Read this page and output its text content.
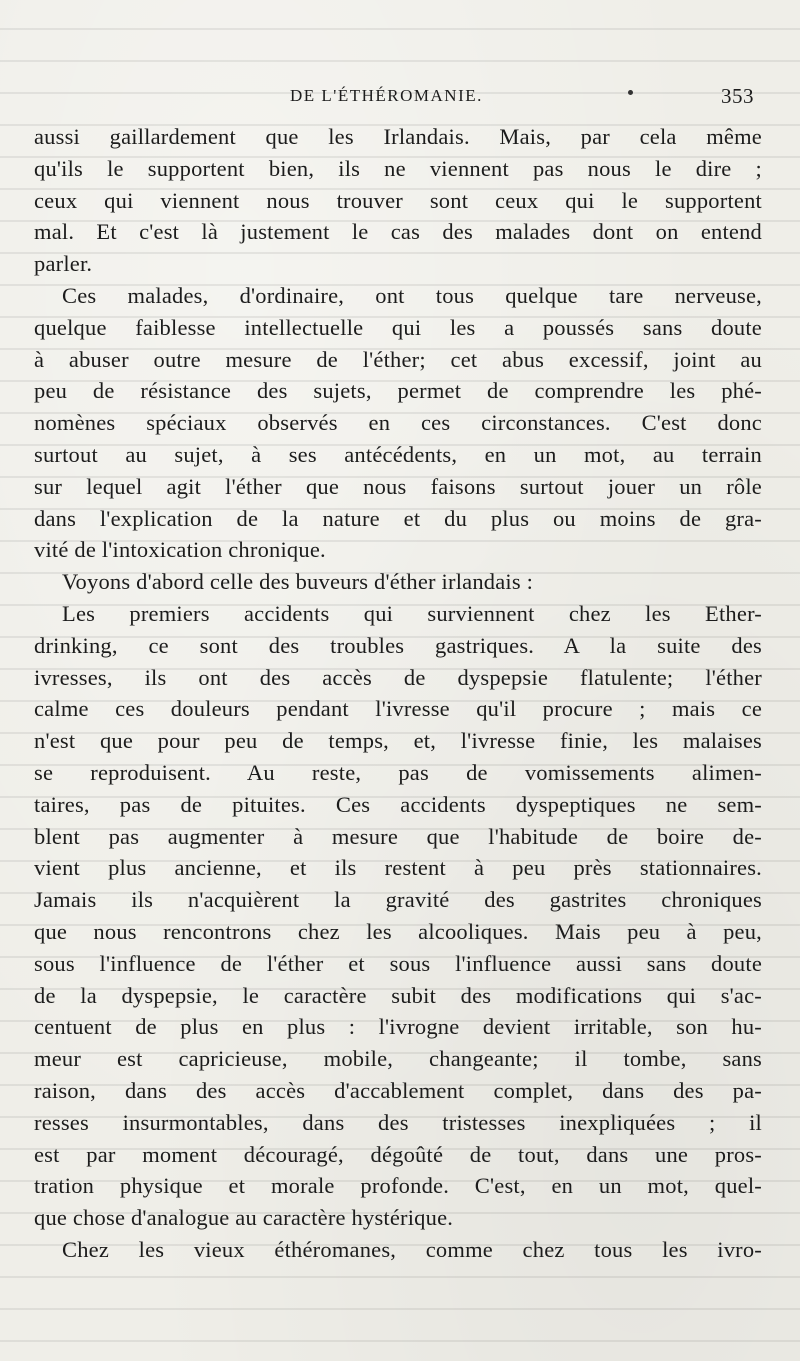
DE L'ÉTHÉROMANIE.	353
aussi gaillardement que les Irlandais. Mais, par cela même
qu'ils le supportent bien, ils ne viennent pas nous le dire ;
ceux qui viennent nous trouver sont ceux qui le supportent
mal. Et c'est là justement le cas des malades dont on entend
parler.
Ces malades, d'ordinaire, ont tous quelque tare nerveuse,
quelque faiblesse intellectuelle qui les a poussés sans doute
à abuser outre mesure de l'éther; cet abus excessif, joint au
peu de résistance des sujets, permet de comprendre les phé-
nomènes spéciaux observés en ces circonstances. C'est donc
surtout au sujet, à ses antécédents, en un mot, au terrain
sur lequel agit l'éther que nous faisons surtout jouer un rôle
dans l'explication de la nature et du plus ou moins de gra-
vité de l'intoxication chronique.
Voyons d'abord celle des buveurs d'éther irlandais :
Les premiers accidents qui surviennent chez les Ether-
drinking, ce sont des troubles gastriques. A la suite des
ivresses, ils ont des accès de dyspepsie flatulente; l'éther
calme ces douleurs pendant l'ivresse qu'il procure ; mais ce
n'est que pour peu de temps, et, l'ivresse finie, les malaises
se reproduisent. Au reste, pas de vomissements alimen-
taires, pas de pituites. Ces accidents dyspeptiques ne sem-
blent pas augmenter à mesure que l'habitude de boire de-
vient plus ancienne, et ils restent à peu près stationnaires.
Jamais ils n'acquièrent la gravité des gastrites chroniques
que nous rencontrons chez les alcooliques. Mais peu à peu,
sous l'influence de l'éther et sous l'influence aussi sans doute
de la dyspepsie, le caractère subit des modifications qui s'ac-
centuent de plus en plus : l'ivrogne devient irritable, son hu-
meur est capricieuse, mobile, changeante; il tombe, sans
raison, dans des accès d'accablement complet, dans des pa-
resses insurmontables, dans des tristesses inexpliquées ; il
est par moment découragé, dégoûté de tout, dans une pros-
tration physique et morale profonde. C'est, en un mot, quel-
que chose d'analogue au caractère hystérique.
Chez les vieux éthéromanes, comme chez tous les ivro-
